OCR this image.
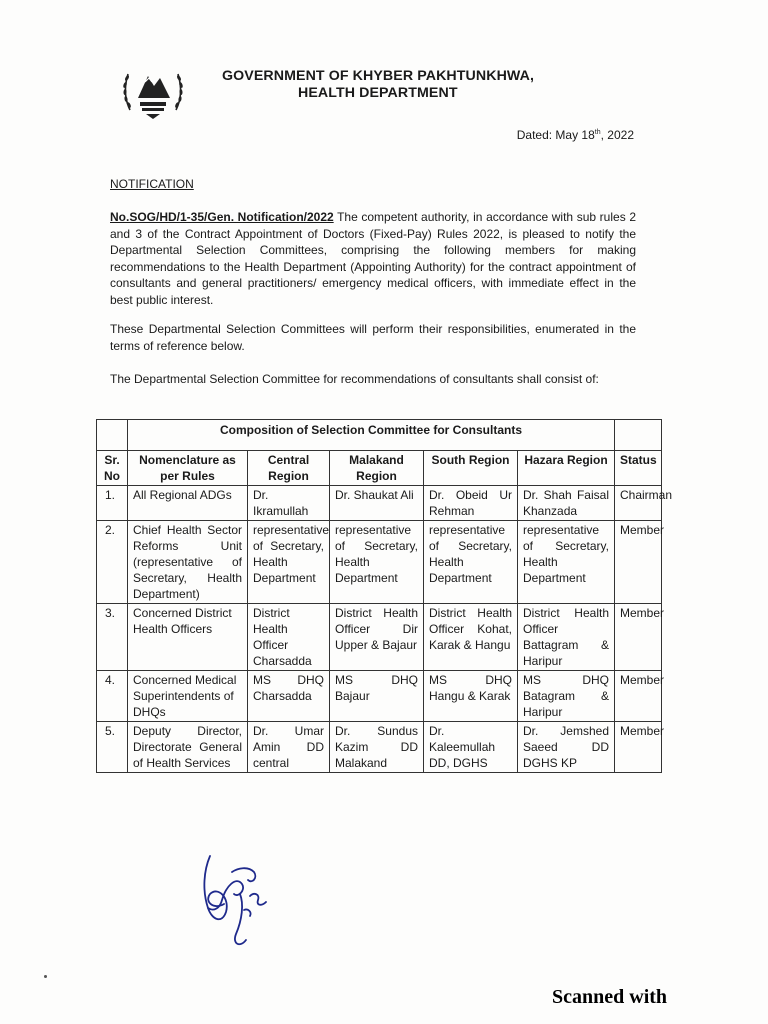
GOVERNMENT OF KHYBER PAKHTUNKHWA,
HEALTH DEPARTMENT
Dated: May 18th, 2022
NOTIFICATION
No.SOG/HD/1-35/Gen. Notification/2022 The competent authority, in accordance with sub rules 2 and 3 of the Contract Appointment of Doctors (Fixed-Pay) Rules 2022, is pleased to notify the Departmental Selection Committees, comprising the following members for making recommendations to the Health Department (Appointing Authority) for the contract appointment of consultants and general practitioners/ emergency medical officers, with immediate effect in the best public interest.
These Departmental Selection Committees will perform their responsibilities, enumerated in the terms of reference below.
The Departmental Selection Committee for recommendations of consultants shall consist of:
	Composition of Selection Committee for Consultants					
Sr. No	Nomenclature as per Rules	Central Region	Malakand Region	South Region	Hazara Region	Status
1.	All Regional ADGs	Dr. Ikramullah	Dr. Shaukat Ali	Dr. Obeid Ur Rehman	Dr. Shah Faisal Khanzada	Chairman
2.	Chief Health Sector Reforms Unit (representative of Secretary, Health Department)	representative of Secretary, Health Department	representative of Secretary, Health Department	representative of Secretary, Health Department	representative of Secretary, Health Department	Member
3.	Concerned District Health Officers	District Health Officer Charsadda	District Health Officer Dir Upper & Bajaur	District Health Officer Kohat, Karak & Hangu	District Health Officer Battagram & Haripur	Member
4.	Concerned Medical Superintendents of DHQs	MS DHQ Charsadda	MS DHQ Bajaur	MS DHQ Hangu & Karak	MS DHQ Batagram & Haripur	Member
5.	Deputy Director, Directorate General of Health Services	Dr. Umar Amin DD central	Dr. Sundus Kazim DD Malakand	Dr. Kaleemullah DD, DGHS	Dr. Jemshed Saeed DD DGHS KP	Member
Scanned with
